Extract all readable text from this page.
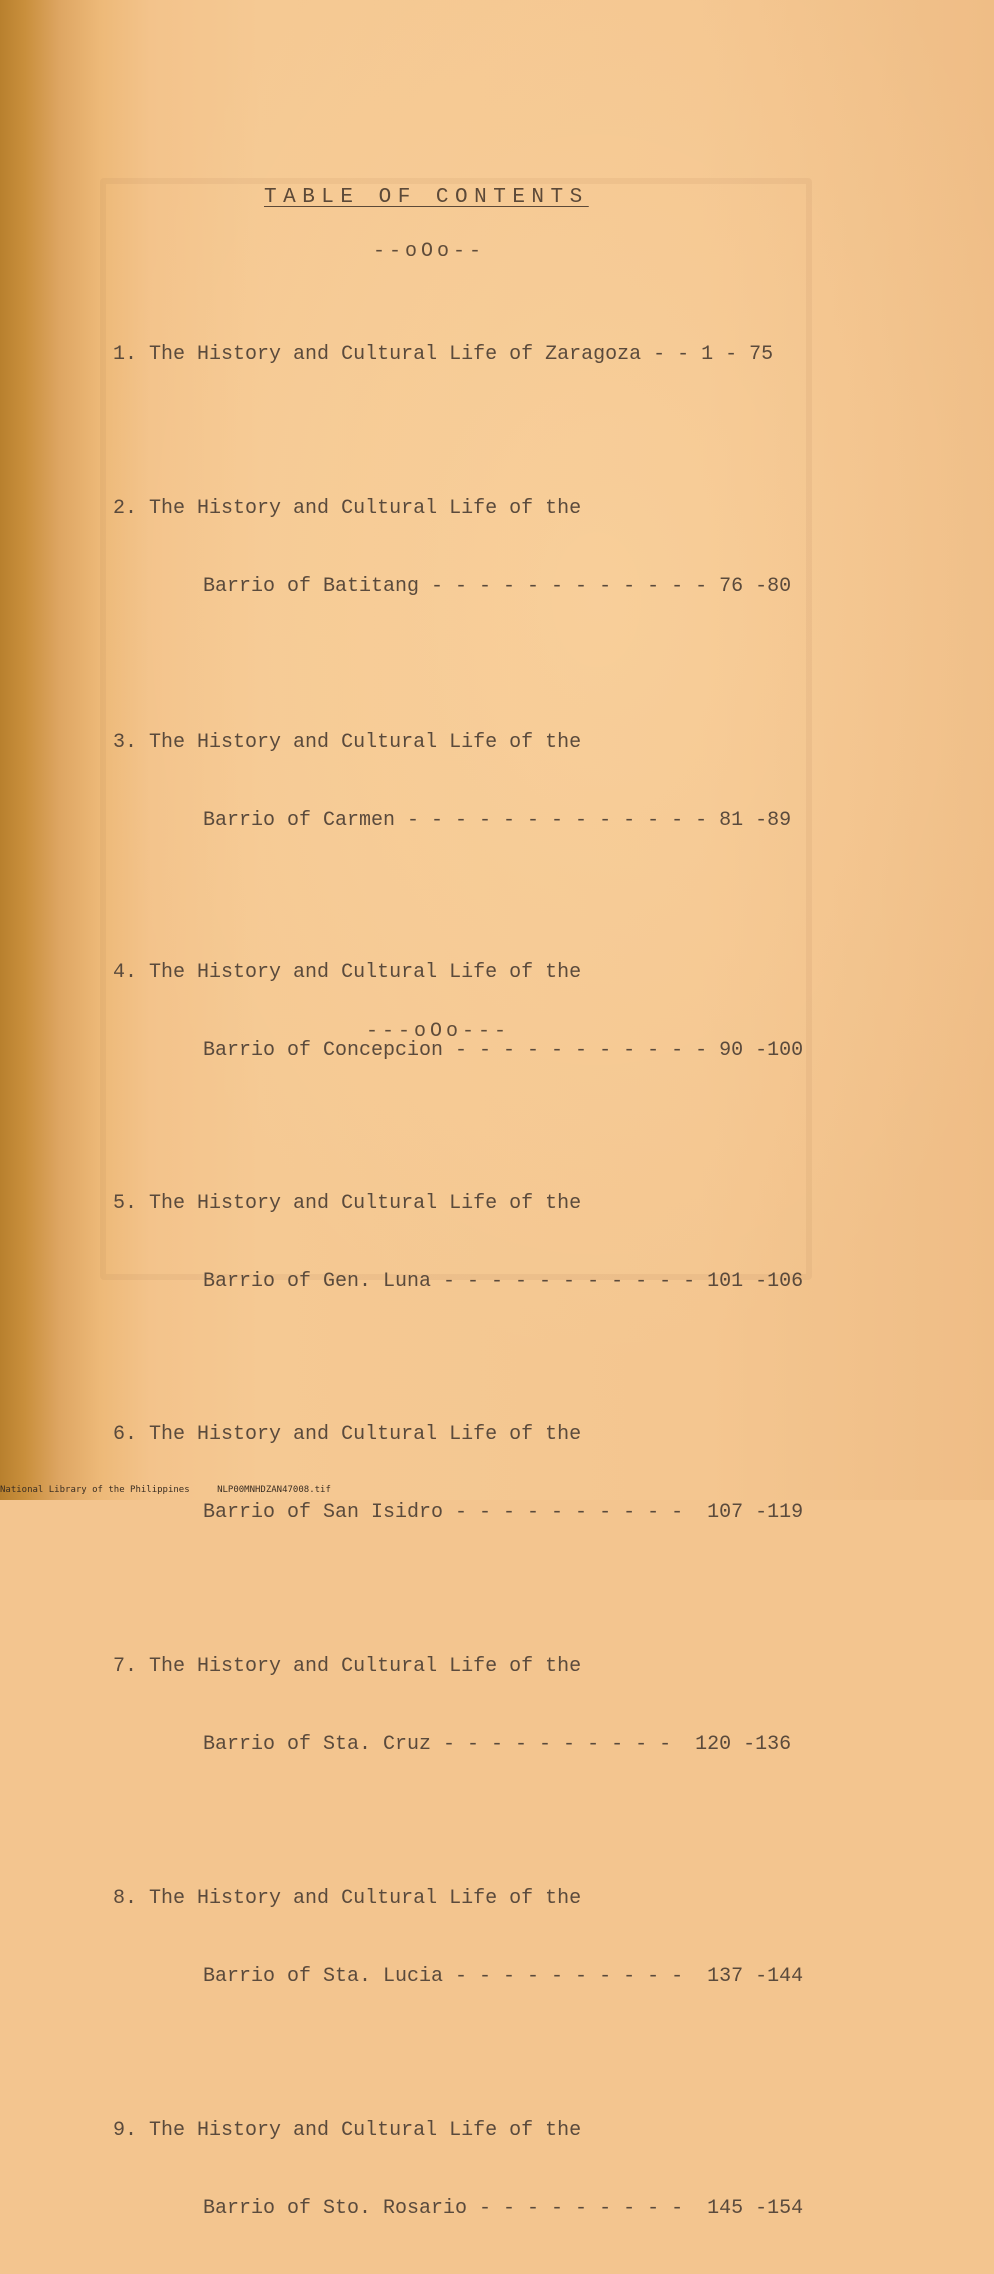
TABLE OF CONTENTS
--oOo--

1. The History and Cultural Life of Zaragoza - - 1 - 75

2. The History and Cultural Life of the

Barrio of Batitang - - - - - - - - - - - - 76 -80

3. The History and Cultural Life of the

Barrio of Carmen - - - - - - - - - - - - - 81 -89

4. The History and Cultural Life of the

Barrio of Concepcion - - - - - - - - - - - 90 -100

5. The History and Cultural Life of the

Barrio of Gen. Luna - - - - - - - - - - - 101 -106

6. The History and Cultural Life of the

Barrio of San Isidro - - - - - - - - - -  107 -119

7. The History and Cultural Life of the

Barrio of Sta. Cruz - - - - - - - - - -  120 -136

8. The History and Cultural Life of the

Barrio of Sta. Lucia - - - - - - - - - -  137 -144

9. The History and Cultural Life of the

Barrio of Sto. Rosario - - - - - - - - -  145 -154

---oOo---
National Library of the Philippines	NLP00MNHDZAN47008.tif
